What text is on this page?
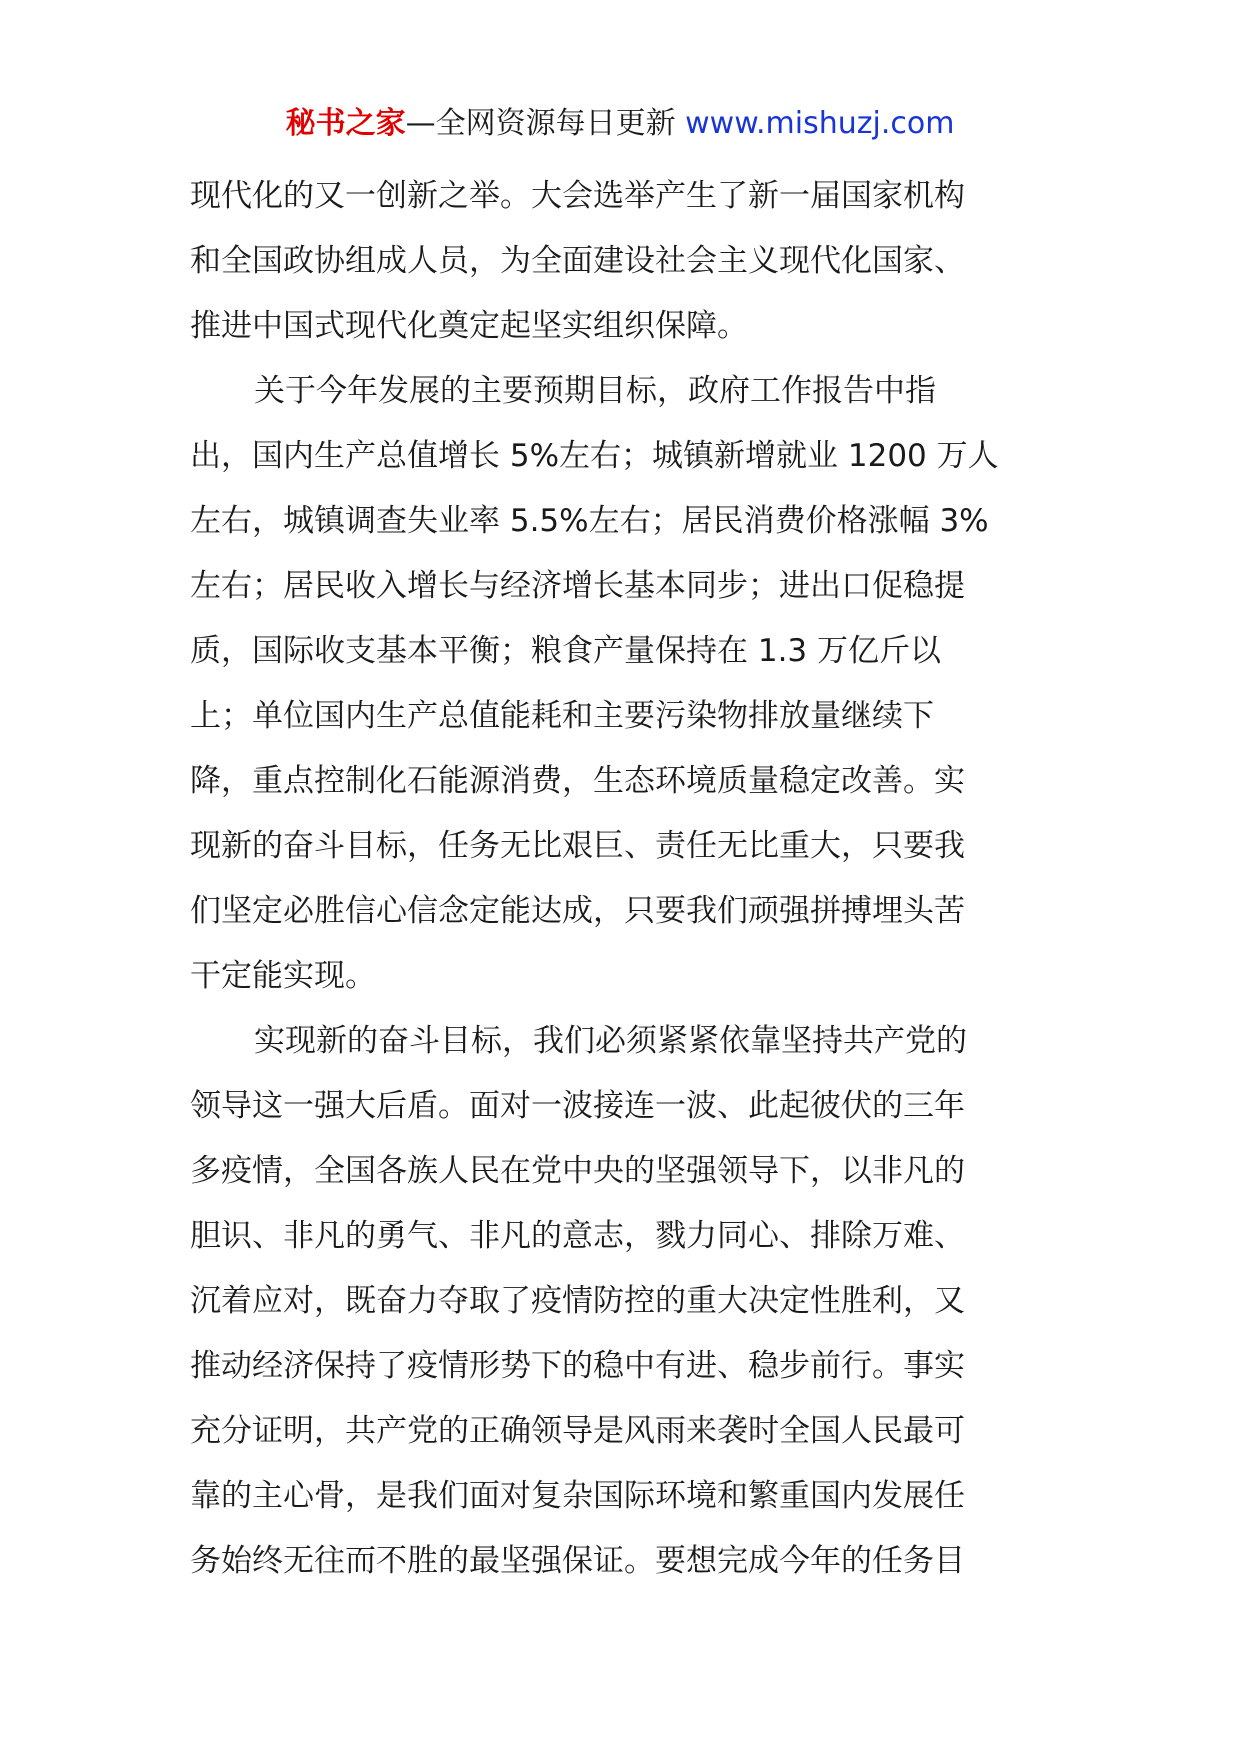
秘书之家—全网资源每日更新 www.mishuzj.com
现代化的又一创新之举。大会选举产生了新一届国家机构
和全国政协组成人员，为全面建设社会主义现代化国家、
推进中国式现代化奠定起坚实组织保障。
关于今年发展的主要预期目标，政府工作报告中指
出，国内生产总值增长 5%左右；城镇新增就业 1200 万人
左右，城镇调查失业率 5.5%左右；居民消费价格涨幅 3%
左右；居民收入增长与经济增长基本同步；进出口促稳提
质，国际收支基本平衡；粮食产量保持在 1.3 万亿斤以
上；单位国内生产总值能耗和主要污染物排放量继续下
降，重点控制化石能源消费，生态环境质量稳定改善。实
现新的奋斗目标，任务无比艰巨、责任无比重大，只要我
们坚定必胜信心信念定能达成，只要我们顽强拼搏埋头苦
干定能实现。
实现新的奋斗目标，我们必须紧紧依靠坚持共产党的
领导这一强大后盾。面对一波接连一波、此起彼伏的三年
多疫情，全国各族人民在党中央的坚强领导下，以非凡的
胆识、非凡的勇气、非凡的意志，戮力同心、排除万难、
沉着应对，既奋力夺取了疫情防控的重大决定性胜利，又
推动经济保持了疫情形势下的稳中有进、稳步前行。事实
充分证明，共产党的正确领导是风雨来袭时全国人民最可
靠的主心骨，是我们面对复杂国际环境和繁重国内发展任
务始终无往而不胜的最坚强保证。要想完成今年的任务目
